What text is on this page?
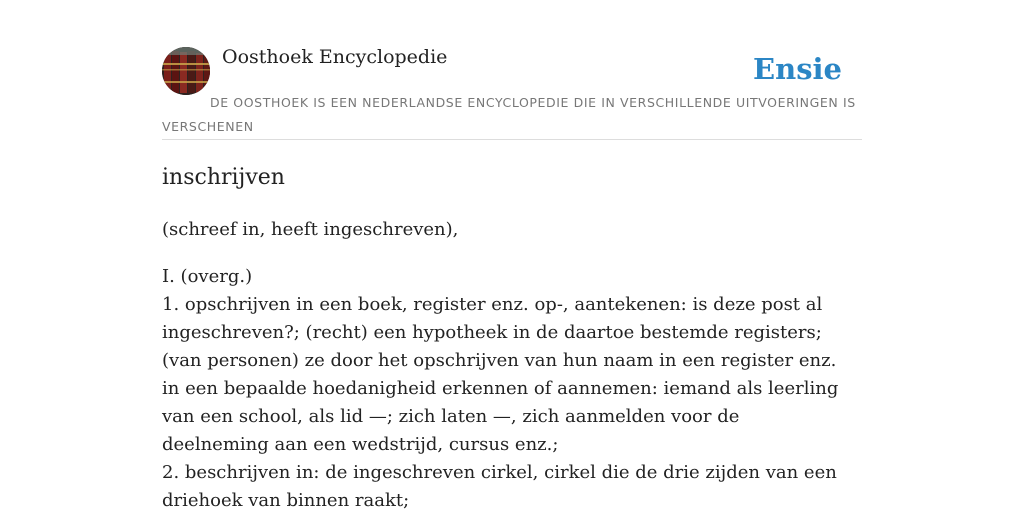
Oosthoek Encyclopedie	Ensie

DE OOSTHOEK IS EEN NEDERLANDSE ENCYCLOPEDIE DIE IN VERSCHILLENDE UITVOERINGEN IS VERSCHENEN

inschrijven

(schreef in, heeft ingeschreven),

I. (overg.)
1. opschrijven in een boek, register enz. op-, aantekenen: is deze post al ingeschreven?; (recht) een hypotheek in de daartoe bestemde registers; (van personen) ze door het opschrijven van hun naam in een register enz. in een bepaalde hoedanigheid erkennen of aannemen: iemand als leerling van een school, als lid —; zich laten —, zich aanmelden voor de deelneming aan een wedstrijd, cursus enz.;
2. beschrijven in: de ingeschreven cirkel, cirkel die de drie zijden van een driehoek van binnen raakt;
